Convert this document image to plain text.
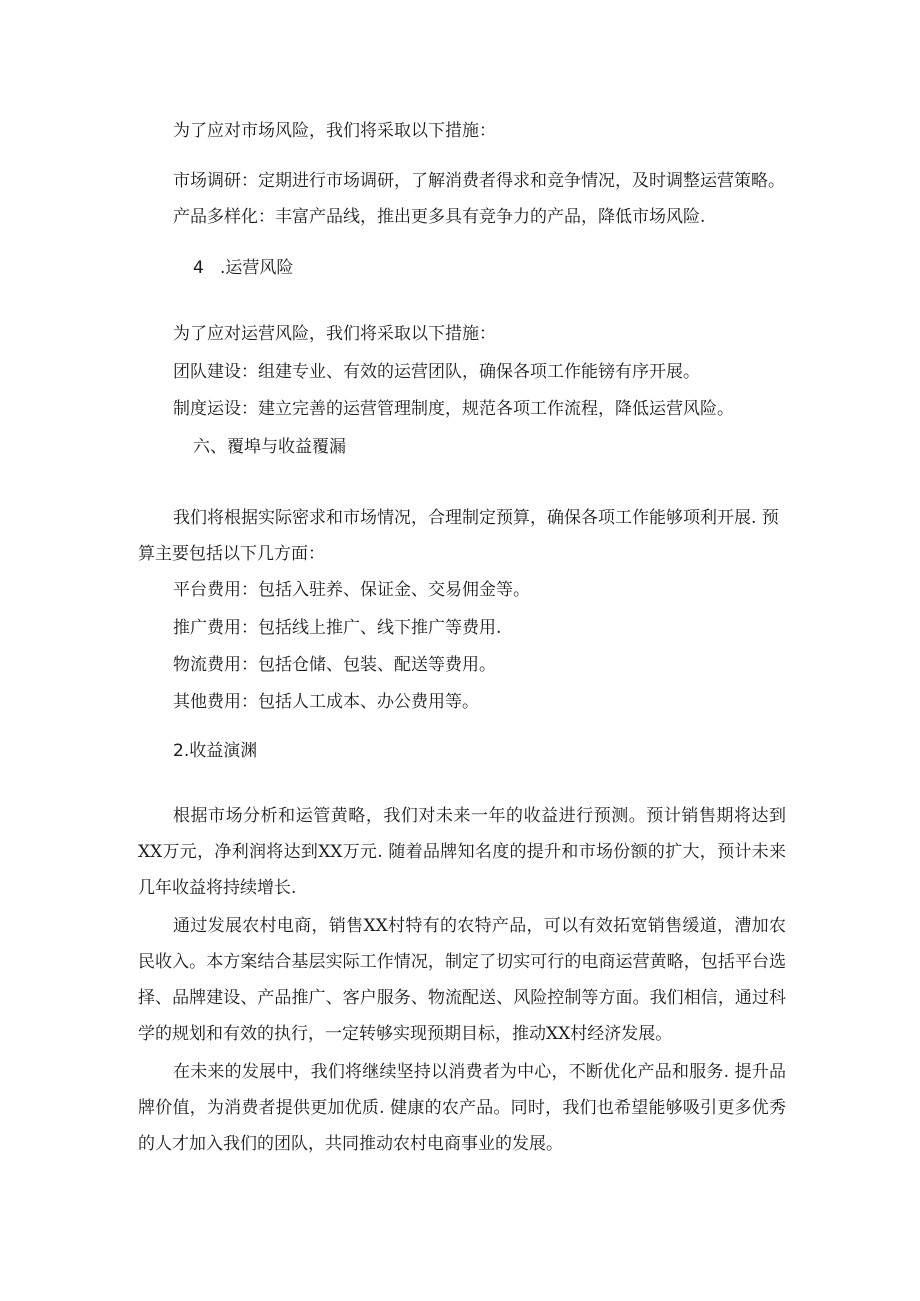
为了应对市场风险，我们将采取以下措施：

市场调研：定期进行市场调研，了解消费者得求和竞争情况，及时调整运营策略。

产品多样化：丰富产品线，推出更多具有竞争力的产品，降低市场风险.

4   .运营风险

为了应对运营风险，我们将采取以下措施：

团队建设：组建专业、有效的运营团队，确保各项工作能镑有序开展。

制度运设：建立完善的运营管理制度，规范各项工作流程，降低运营风险。

六、覆埠与收益覆漏

我们将根据实际密求和市场情况，合理制定预算，确保各项工作能够项利开展. 预

算主要包括以下几方面：

平台费用：包括入驻养、保证金、交易佣金等。

推广费用：包括线上推广、线下推广等费用.

物流费用：包括仓储、包装、配送等费用。

其他费用：包括人工成本、办公费用等。

2.收益演渊

根据市场分析和运管黄略，我们对未来一年的收益进行预测。预计销售期将达到XX万元，净利润将达到XX万元. 随着品牌知名度的提升和市场份额的扩大，预计未来几年收益将持续增长.

通过发展农村电商，销售XX村特有的农特产品，可以有效拓宽销售缓道，漕加农民收入。本方案结合基层实际工作情况，制定了切实可行的电商运营黄略，包括平台选择、品牌建设、产品推广、客户服务、物流配送、风险控制等方面。我们相信，通过科学的规划和有效的执行，一定转够实现预期目标，推动XX村经济发展。

在未来的发展中，我们将继续坚持以消费者为中心，不断优化产品和服务. 提升品牌价值，为消费者提供更加优质. 健康的农产品。同时，我们也希望能够吸引更多优秀的人才加入我们的团队，共同推动农村电商事业的发展。
